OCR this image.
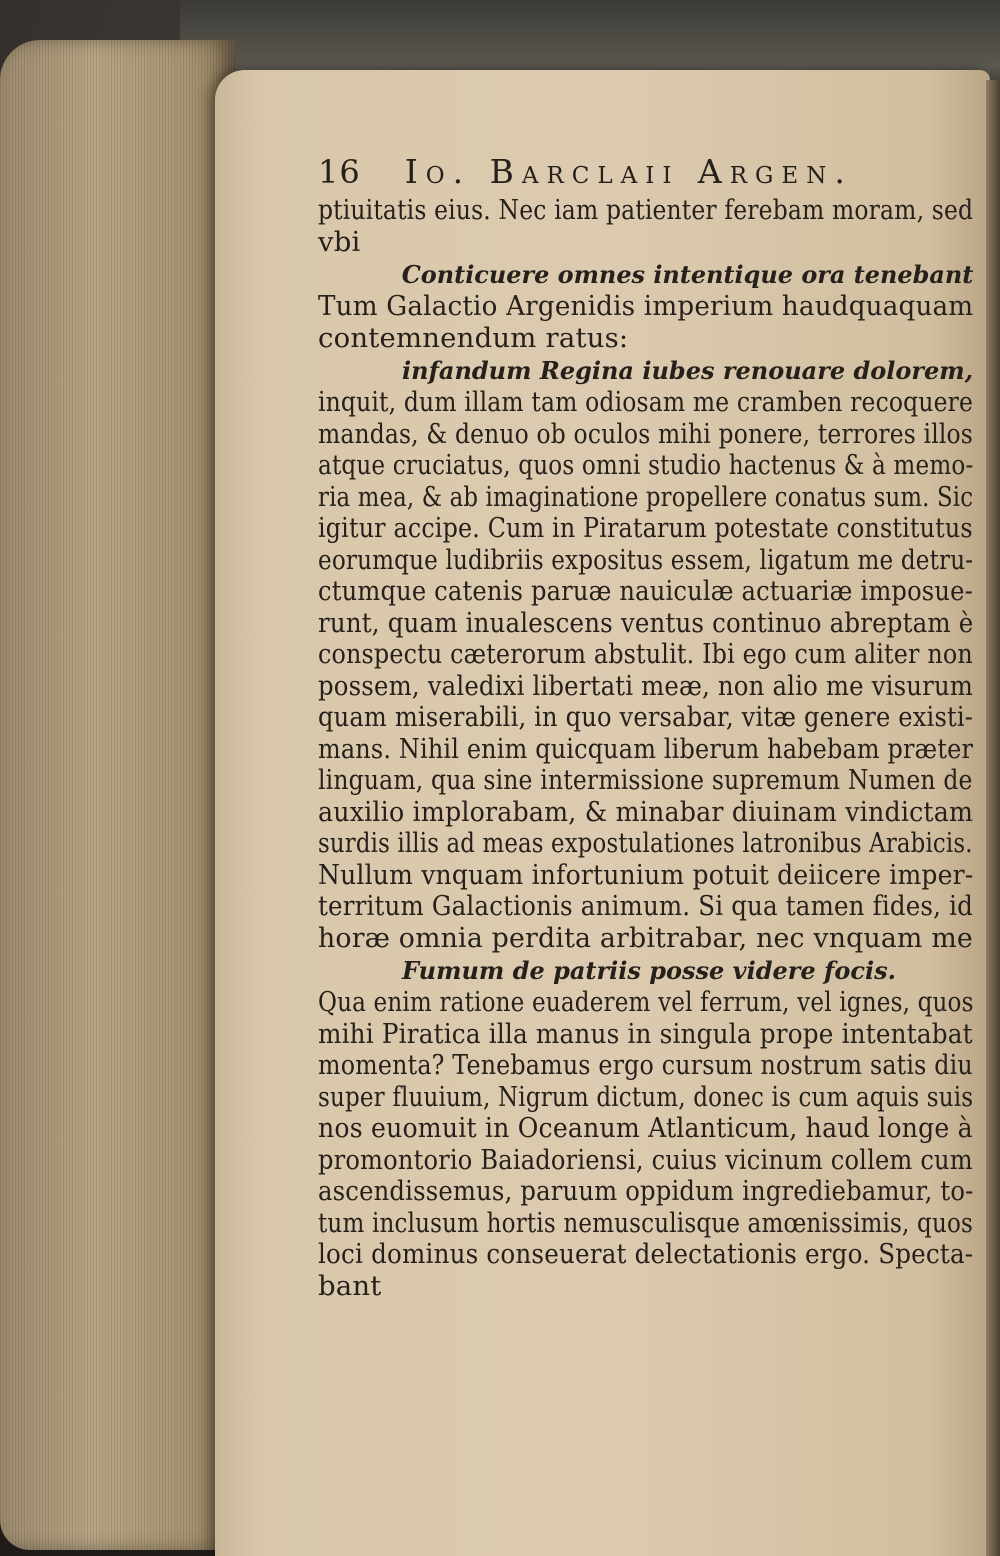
16 Io. Barclaii Argen.
ptiuitatis eius. Nec iam patienter ferebam moram, sed
vbi
Conticuere omnes intentique ora tenebant
Tum Galactio Argenidis imperium haudquaquam
contemnendum ratus:
infandum Regina iubes renouare dolorem,
inquit, dum illam tam odiosam me cramben recoquere
mandas, & denuo ob oculos mihi ponere, terrores illos
atque cruciatus, quos omni studio hactenus & à memo-
ria mea, & ab imaginatione propellere conatus sum. Sic
igitur accipe. Cum in Piratarum potestate constitutus
eorumque ludibriis expositus essem, ligatum me detru-
ctumque catenis paruæ nauiculæ actuariæ imposue-
runt, quam inualescens ventus continuo abreptam è
conspectu cæterorum abstulit. Ibi ego cum aliter non
possem, valedixi libertati meæ, non alio me visurum
quam miserabili, in quo versabar, vitæ genere existi-
mans. Nihil enim quicquam liberum habebam præter
linguam, qua sine intermissione supremum Numen de
auxilio implorabam, & minabar diuinam vindictam
surdis illis ad meas expostulationes latronibus Arabicis.
Nullum vnquam infortunium potuit deiicere imper-
territum Galactionis animum. Si qua tamen fides, id
horæ omnia perdita arbitrabar, nec vnquam me
Fumum de patriis posse videre focis.
Qua enim ratione euaderem vel ferrum, vel ignes, quos
mihi Piratica illa manus in singula prope intentabat
momenta? Tenebamus ergo cursum nostrum satis diu
super fluuium, Nigrum dictum, donec is cum aquis suis
nos euomuit in Oceanum Atlanticum, haud longe à
promontorio Baiadoriensi, cuius vicinum collem cum
ascendissemus, paruum oppidum ingrediebamur, to-
tum inclusum hortis nemusculisque amœnissimis, quos
loci dominus conseuerat delectationis ergo. Specta-
bant
